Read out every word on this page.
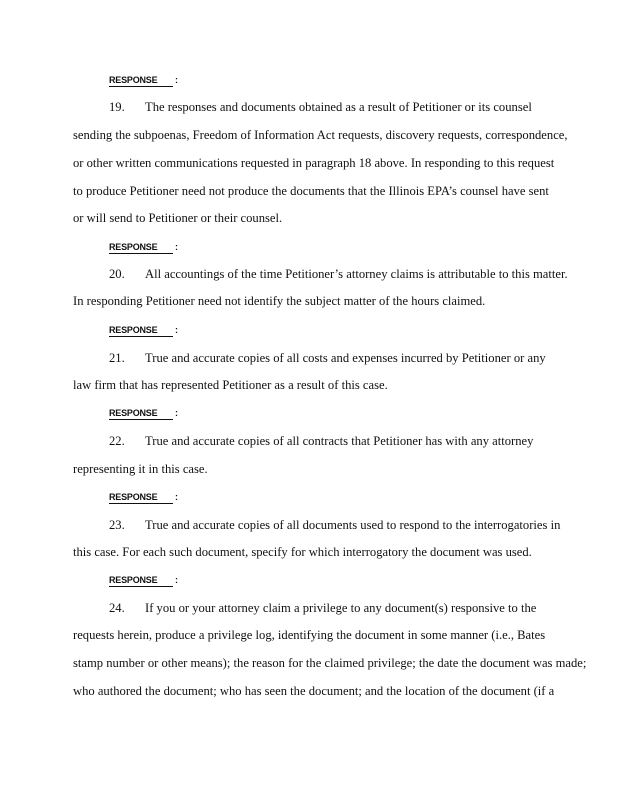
RESPONSE :
19. The responses and documents obtained as a result of Petitioner or its counsel
sending the subpoenas, Freedom of Information Act requests, discovery requests, correspondence,
or other written communications requested in paragraph 18 above. In responding to this request
to produce Petitioner need not produce the documents that the Illinois EPA’s counsel have sent
or will send to Petitioner or their counsel.
RESPONSE :
20. All accountings of the time Petitioner’s attorney claims is attributable to this matter.
In responding Petitioner need not identify the subject matter of the hours claimed.
RESPONSE :
21. True and accurate copies of all costs and expenses incurred by Petitioner or any
law firm that has represented Petitioner as a result of this case.
RESPONSE :
22. True and accurate copies of all contracts that Petitioner has with any attorney
representing it in this case.
RESPONSE :
23. True and accurate copies of all documents used to respond to the interrogatories in
this case. For each such document, specify for which interrogatory the document was used.
RESPONSE :
24. If you or your attorney claim a privilege to any document(s) responsive to the
requests herein, produce a privilege log, identifying the document in some manner (i.e., Bates
stamp number or other means); the reason for the claimed privilege; the date the document was made;
who authored the document; who has seen the document; and the location of the document (if a
